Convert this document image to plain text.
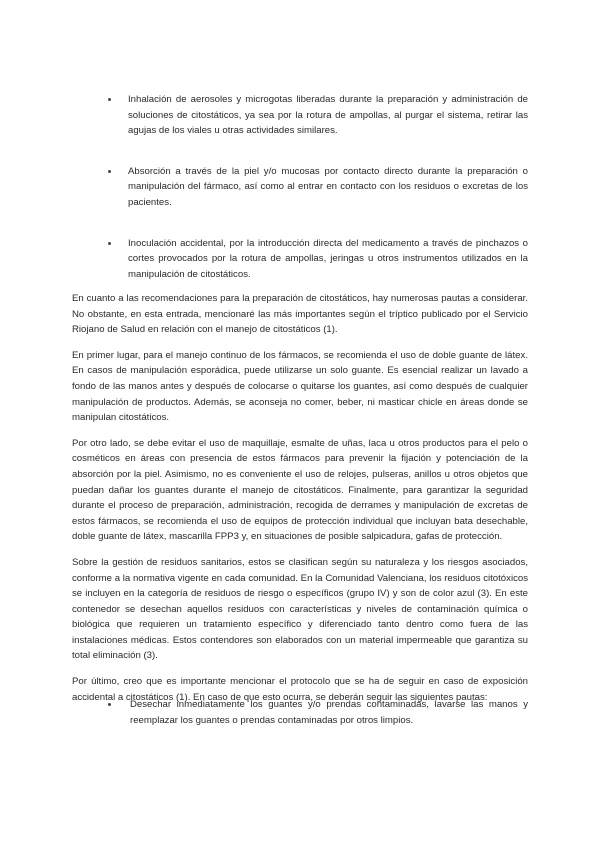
Inhalación de aerosoles y microgotas liberadas durante la preparación y administración de soluciones de citostáticos, ya sea por la rotura de ampollas, al purgar el sistema, retirar las agujas de los viales u otras actividades similares.
Absorción a través de la piel y/o mucosas por contacto directo durante la preparación o manipulación del fármaco, así como al entrar en contacto con los residuos o excretas de los pacientes.
Inoculación accidental, por la introducción directa del medicamento a través de pinchazos o cortes provocados por la rotura de ampollas, jeringas u otros instrumentos utilizados en la manipulación de citostáticos.

En cuanto a las recomendaciones para la preparación de citostáticos, hay numerosas pautas a considerar. No obstante, en esta entrada, mencionaré las más importantes según el tríptico publicado por el Servicio Riojano de Salud en relación con el manejo de citostáticos (1).

En primer lugar, para el manejo continuo de los fármacos, se recomienda el uso de doble guante de látex. En casos de manipulación esporádica, puede utilizarse un solo guante. Es esencial realizar un lavado a fondo de las manos antes y después de colocarse o quitarse los guantes, así como después de cualquier manipulación de productos. Además, se aconseja no comer, beber, ni masticar chicle en áreas donde se manipulan citostáticos.

Por otro lado, se debe evitar el uso de maquillaje, esmalte de uñas, laca u otros productos para el pelo o cosméticos en áreas con presencia de estos fármacos para prevenir la fijación y potenciación de la absorción por la piel. Asimismo, no es conveniente el uso de relojes, pulseras, anillos u otros objetos que puedan dañar los guantes durante el manejo de citostáticos. Finalmente, para garantizar la seguridad durante el proceso de preparación, administración, recogida de derrames y manipulación de excretas de estos fármacos, se recomienda el uso de equipos de protección individual que incluyan bata desechable, doble guante de látex, mascarilla FPP3 y, en situaciones de posible salpicadura, gafas de protección.

Sobre la gestión de residuos sanitarios, estos se clasifican según su naturaleza y los riesgos asociados, conforme a la normativa vigente en cada comunidad. En la Comunidad Valenciana, los residuos citotóxicos se incluyen en la categoría de residuos de riesgo o específicos (grupo IV) y son de color azul (3). En este contenedor se desechan aquellos residuos con características y niveles de contaminación química o biológica que requieren un tratamiento específico y diferenciado tanto dentro como fuera de las instalaciones médicas. Estos contendores son elaborados con un material impermeable que garantiza su total eliminación (3).

Por último, creo que es importante mencionar el protocolo que se ha de seguir en caso de exposición accidental a citostáticos (1). En caso de que esto ocurra, se deberán seguir las siguientes pautas:

Desechar inmediatamente los guantes y/o prendas contaminadas, lavarse las manos y reemplazar los guantes o prendas contaminadas por otros limpios.
